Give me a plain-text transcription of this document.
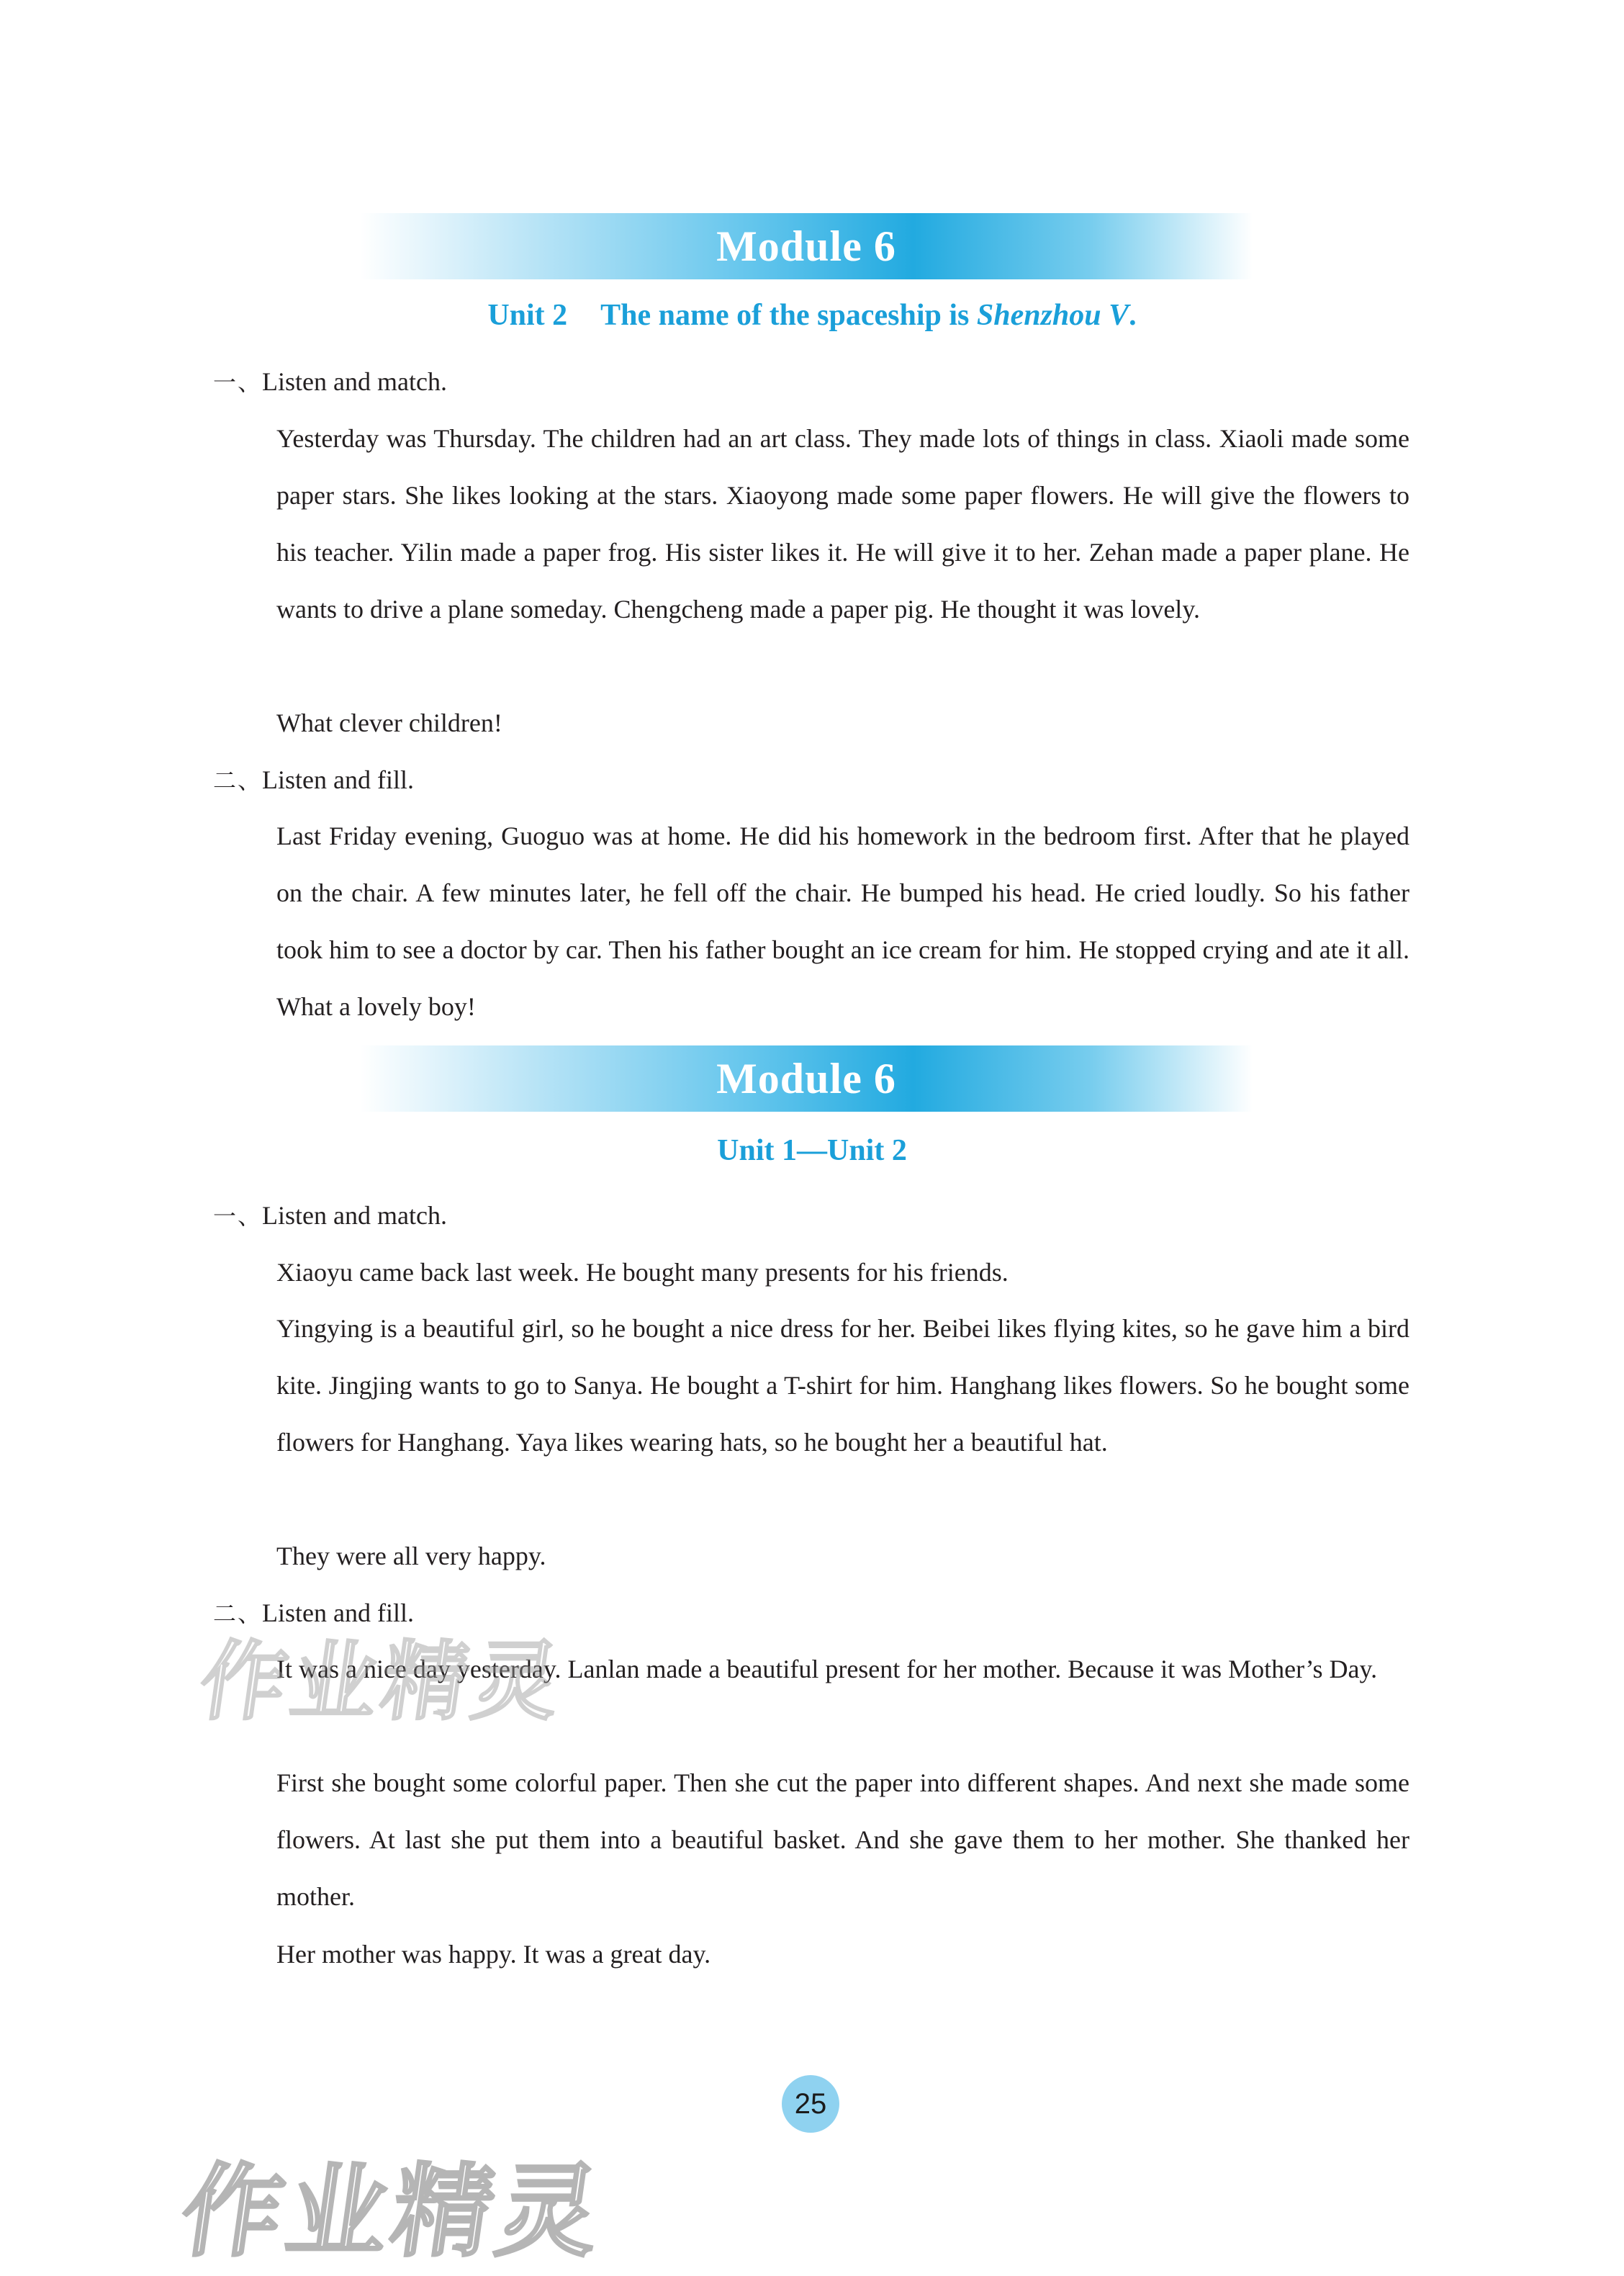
Module 6
Unit 2 The name of the spaceship is Shenzhou V.
一、Listen and match.
Yesterday was Thursday. The children had an art class. They made lots of things in class. Xiaoli made some paper stars. She likes looking at the stars. Xiaoyong made some paper flowers. He will give the flowers to his teacher. Yilin made a paper frog. His sister likes it. He will give it to her. Zehan made a paper plane. He wants to drive a plane someday. Chengcheng made a paper pig. He thought it was lovely.
What clever children!
二、Listen and fill.
Last Friday evening, Guoguo was at home. He did his homework in the bedroom first. After that he played on the chair. A few minutes later, he fell off the chair. He bumped his head. He cried loudly. So his father took him to see a doctor by car. Then his father bought an ice cream for him. He stopped crying and ate it all. What a lovely boy!
Module 6
Unit 1—Unit 2
一、Listen and match.
Xiaoyu came back last week. He bought many presents for his friends.
Yingying is a beautiful girl, so he bought a nice dress for her. Beibei likes flying kites, so he gave him a bird kite. Jingjing wants to go to Sanya. He bought a T-shirt for him. Hanghang likes flowers. So he bought some flowers for Hanghang. Yaya likes wearing hats, so he bought her a beautiful hat.
They were all very happy.
二、Listen and fill.
It was a nice day yesterday. Lanlan made a beautiful present for her mother. Because it was Mother’s Day.
First she bought some colorful paper. Then she cut the paper into different shapes. And next she made some flowers. At last she put them into a beautiful basket. And she gave them to her mother. She thanked her mother.
Her mother was happy. It was a great day.
25
作业精灵
作业精灵
